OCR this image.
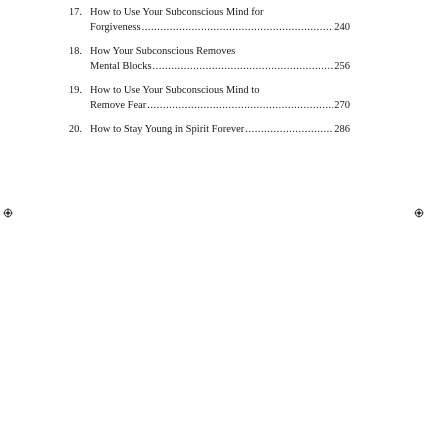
17. How to Use Your Subconscious Mind for
Forgiveness .....	240
18. How Your Subconscious Removes
Mental Blocks .....	256
19. How to Use Your Subconscious Mind to
Remove Fear .....	270
20. How to Stay Young in Spirit Forever .....	286
